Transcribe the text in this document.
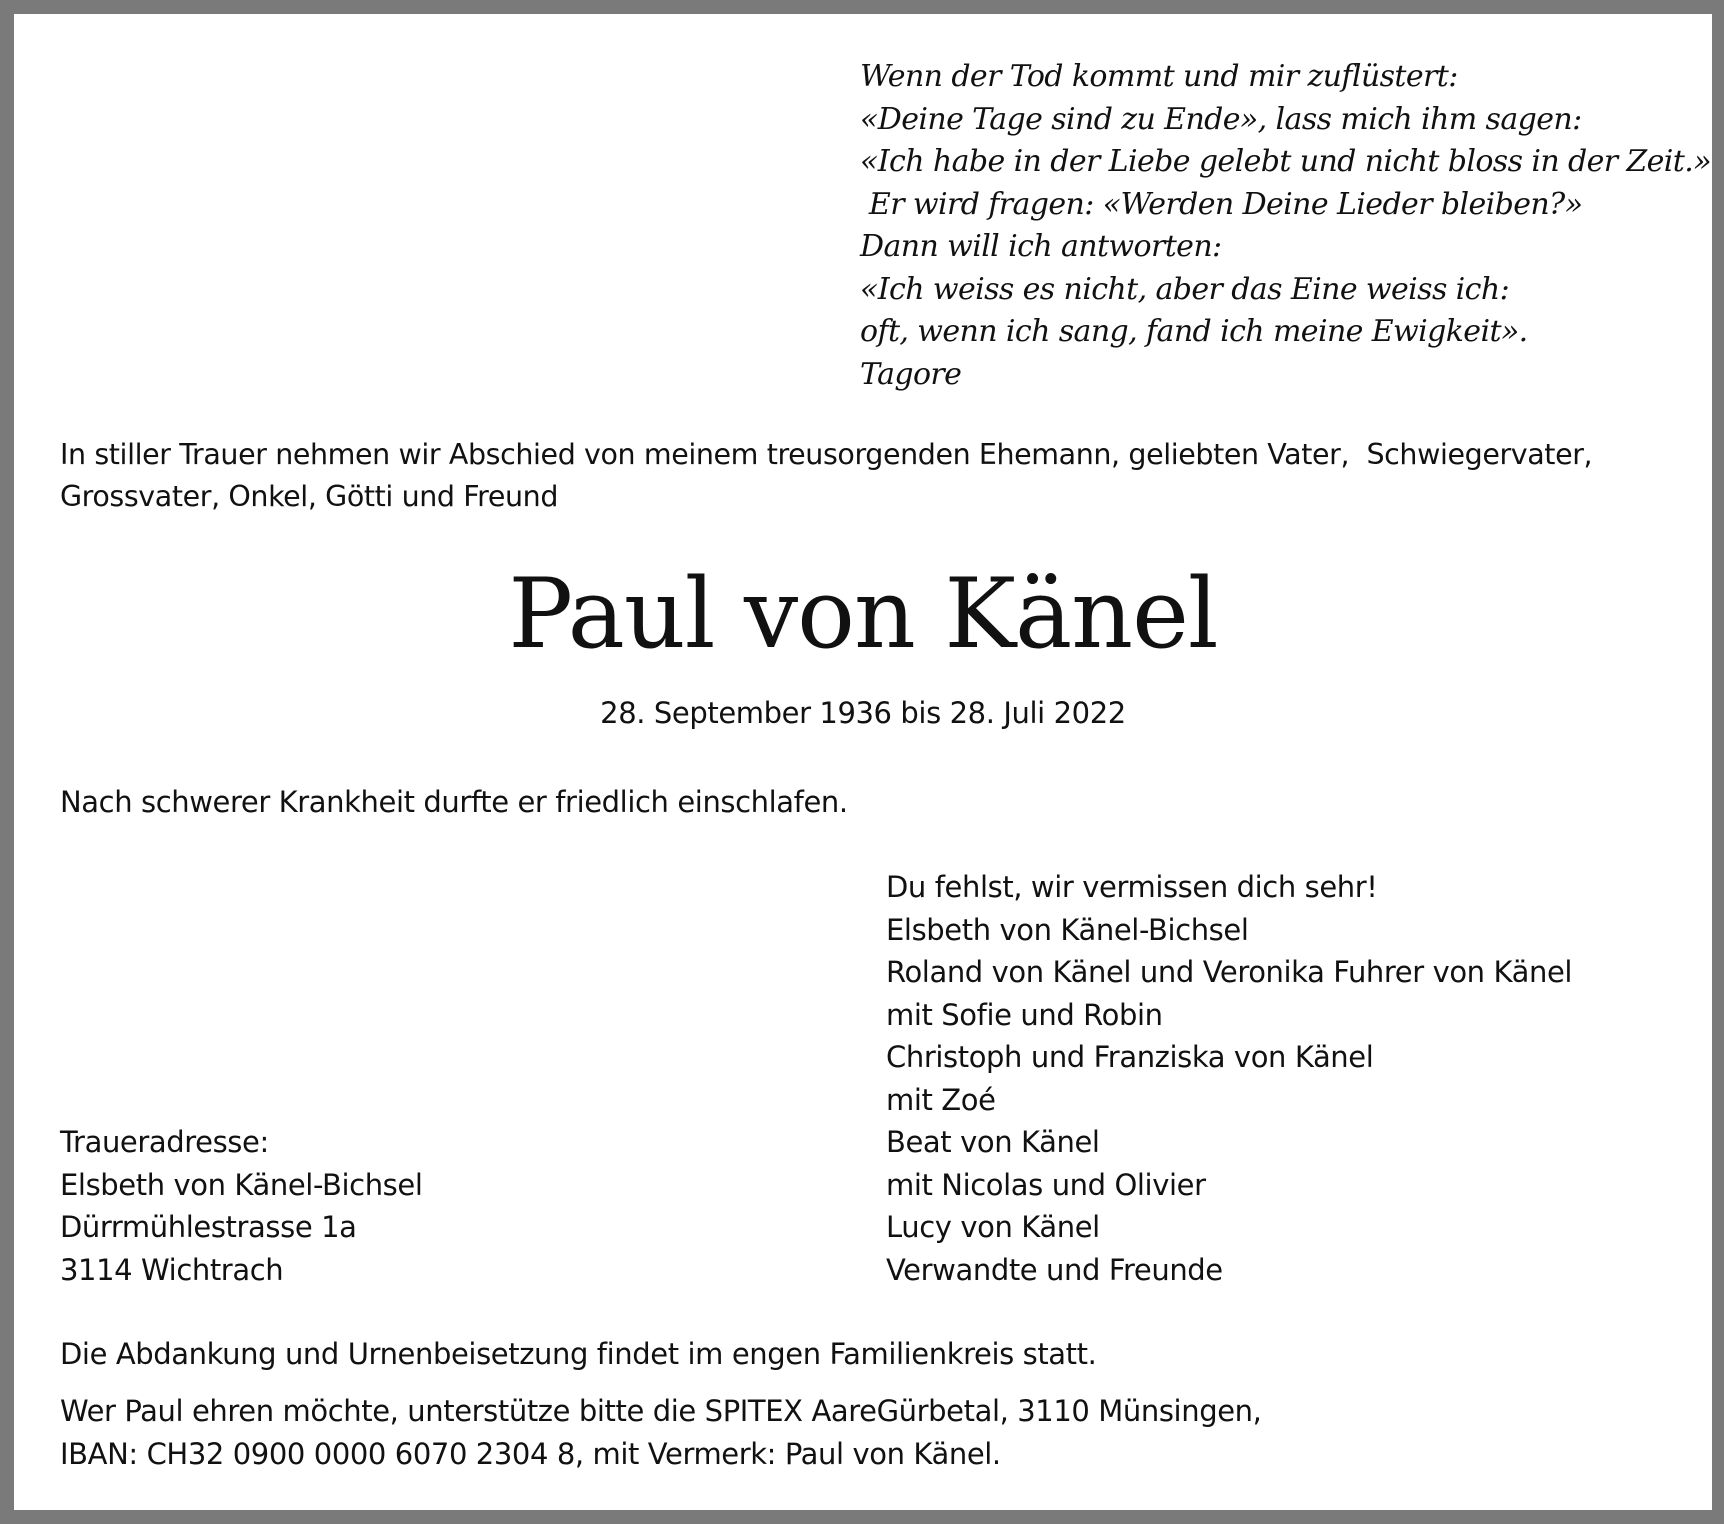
Wenn der Tod kommt und mir zuflüstert:
«Deine Tage sind zu Ende», lass mich ihm sagen:
«Ich habe in der Liebe gelebt und nicht bloss in der Zeit.»
Er wird fragen: «Werden Deine Lieder bleiben?»
Dann will ich antworten:
«Ich weiss es nicht, aber das Eine weiss ich:
oft, wenn ich sang, fand ich meine Ewigkeit».
Tagore
In stiller Trauer nehmen wir Abschied von meinem treusorgenden Ehemann, geliebten Vater,  Schwiegervater,
Grossvater, Onkel, Götti und Freund
Paul von Känel
28. September 1936 bis 28. Juli 2022
Nach schwerer Krankheit durfte er friedlich einschlafen.
Du fehlst, wir vermissen dich sehr!
Elsbeth von Känel-Bichsel
Roland von Känel und Veronika Fuhrer von Känel
mit Sofie und Robin
Christoph und Franziska von Känel
mit Zoé
Beat von Känel
mit Nicolas und Olivier
Lucy von Känel
Verwandte und Freunde
Traueradresse:
Elsbeth von Känel-Bichsel
Dürrmühlestrasse 1a
3114 Wichtrach
Die Abdankung und Urnenbeisetzung findet im engen Familienkreis statt.
Wer Paul ehren möchte, unterstütze bitte die SPITEX AareGürbetal, 3110 Münsingen,
IBAN: CH32 0900 0000 6070 2304 8, mit Vermerk: Paul von Känel.
